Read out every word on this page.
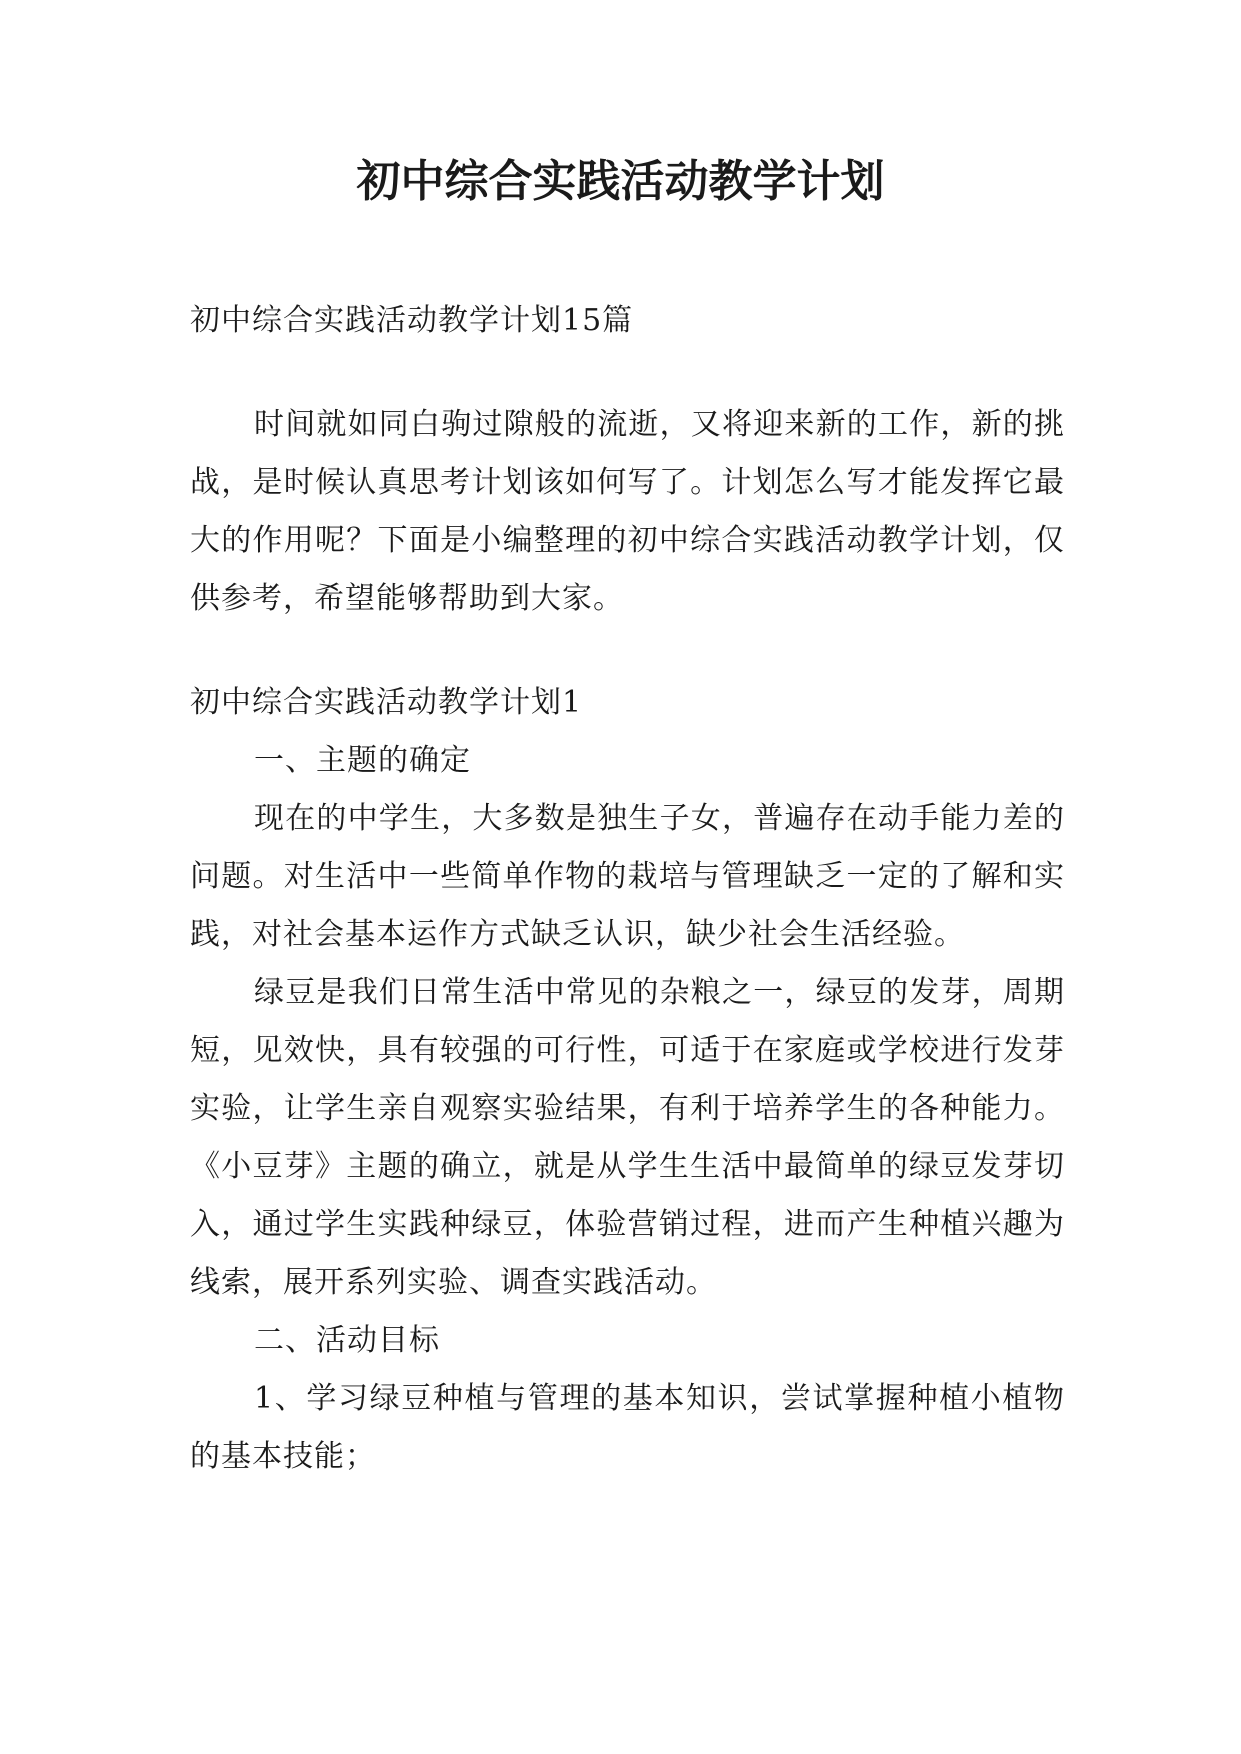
初中综合实践活动教学计划

初中综合实践活动教学计划15篇

时间就如同白驹过隙般的流逝，又将迎来新的工作，新的挑战，是时候认真思考计划该如何写了。计划怎么写才能发挥它最大的作用呢？下面是小编整理的初中综合实践活动教学计划，仅供参考，希望能够帮助到大家。

初中综合实践活动教学计划1

一、主题的确定

现在的中学生，大多数是独生子女，普遍存在动手能力差的问题。对生活中一些简单作物的栽培与管理缺乏一定的了解和实践，对社会基本运作方式缺乏认识，缺少社会生活经验。

绿豆是我们日常生活中常见的杂粮之一，绿豆的发芽，周期短，见效快，具有较强的可行性，可适于在家庭或学校进行发芽实验，让学生亲自观察实验结果，有利于培养学生的各种能力。《小豆芽》主题的确立，就是从学生生活中最简单的绿豆发芽切入，通过学生实践种绿豆，体验营销过程，进而产生种植兴趣为线索，展开系列实验、调查实践活动。

二、活动目标

1、学习绿豆种植与管理的基本知识，尝试掌握种植小植物的基本技能；
